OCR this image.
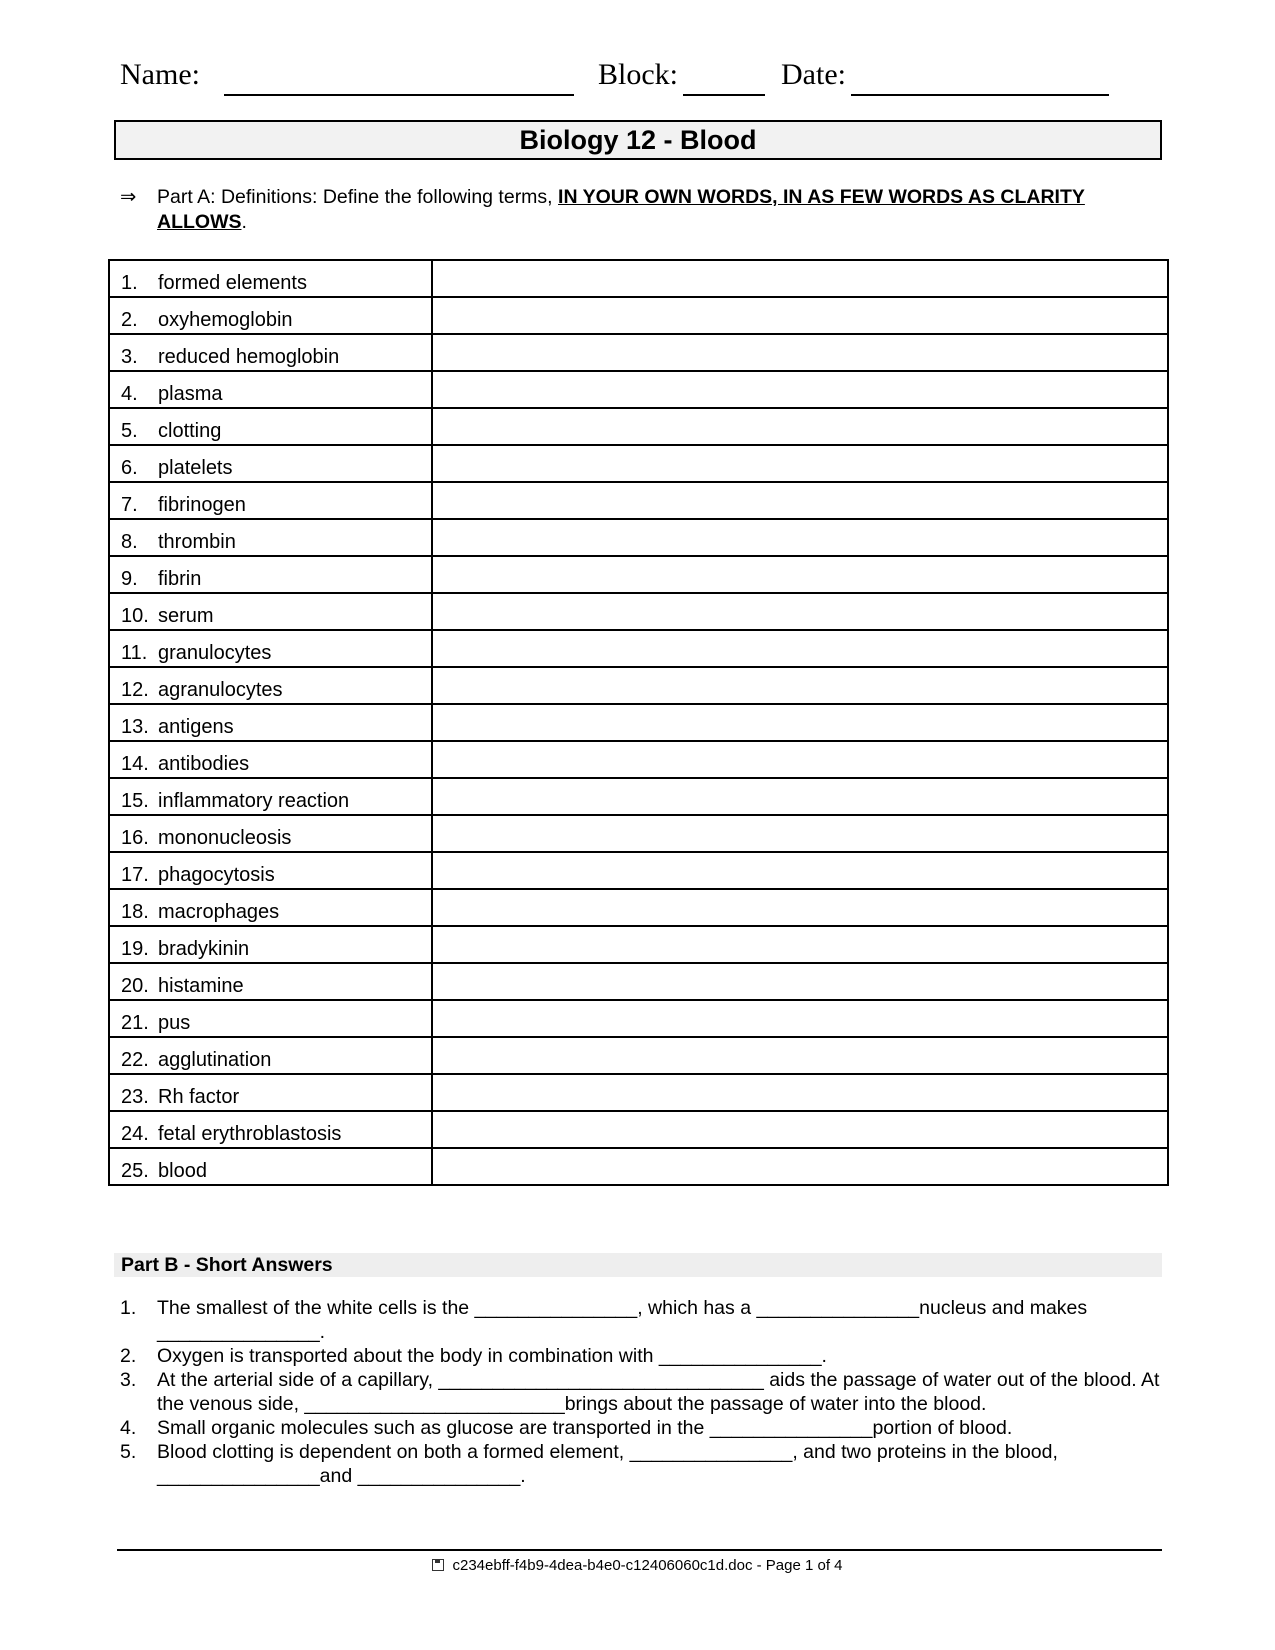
Name:	Block:	Date:
Biology 12 - Blood
⇒ Part A: Definitions: Define the following terms, IN YOUR OWN WORDS, IN AS FEW WORDS AS CLARITY ALLOWS.
1. formed elements	

2. oxyhemoglobin	

3. reduced hemoglobin	

4. plasma	

5. clotting	

6. platelets	

7. fibrinogen	

8. thrombin	

9. fibrin	

10. serum	

11. granulocytes	

12. agranulocytes	

13. antigens	

14. antibodies	

15. inflammatory reaction	

16. mononucleosis	

17. phagocytosis	

18. macrophages	

19. bradykinin	

20. histamine	

21. pus	

22. agglutination	

23. Rh factor	

24. fetal erythroblastosis	

25. blood	

Part B - Short Answers
1. The smallest of the white cells is the _______________, which has a _______________nucleus and makes _______________.
2. Oxygen is transported about the body in combination with _______________.
3. At the arterial side of a capillary, ______________________________ aids the passage of water out of the blood. At the venous side, ________________________brings about the passage of water into the blood.
4. Small organic molecules such as glucose are transported in the _______________portion of blood.
5. Blood clotting is dependent on both a formed element, _______________, and two proteins in the blood, _______________and _______________.
c234ebff-f4b9-4dea-b4e0-c12406060c1d.doc - Page 1 of 4
